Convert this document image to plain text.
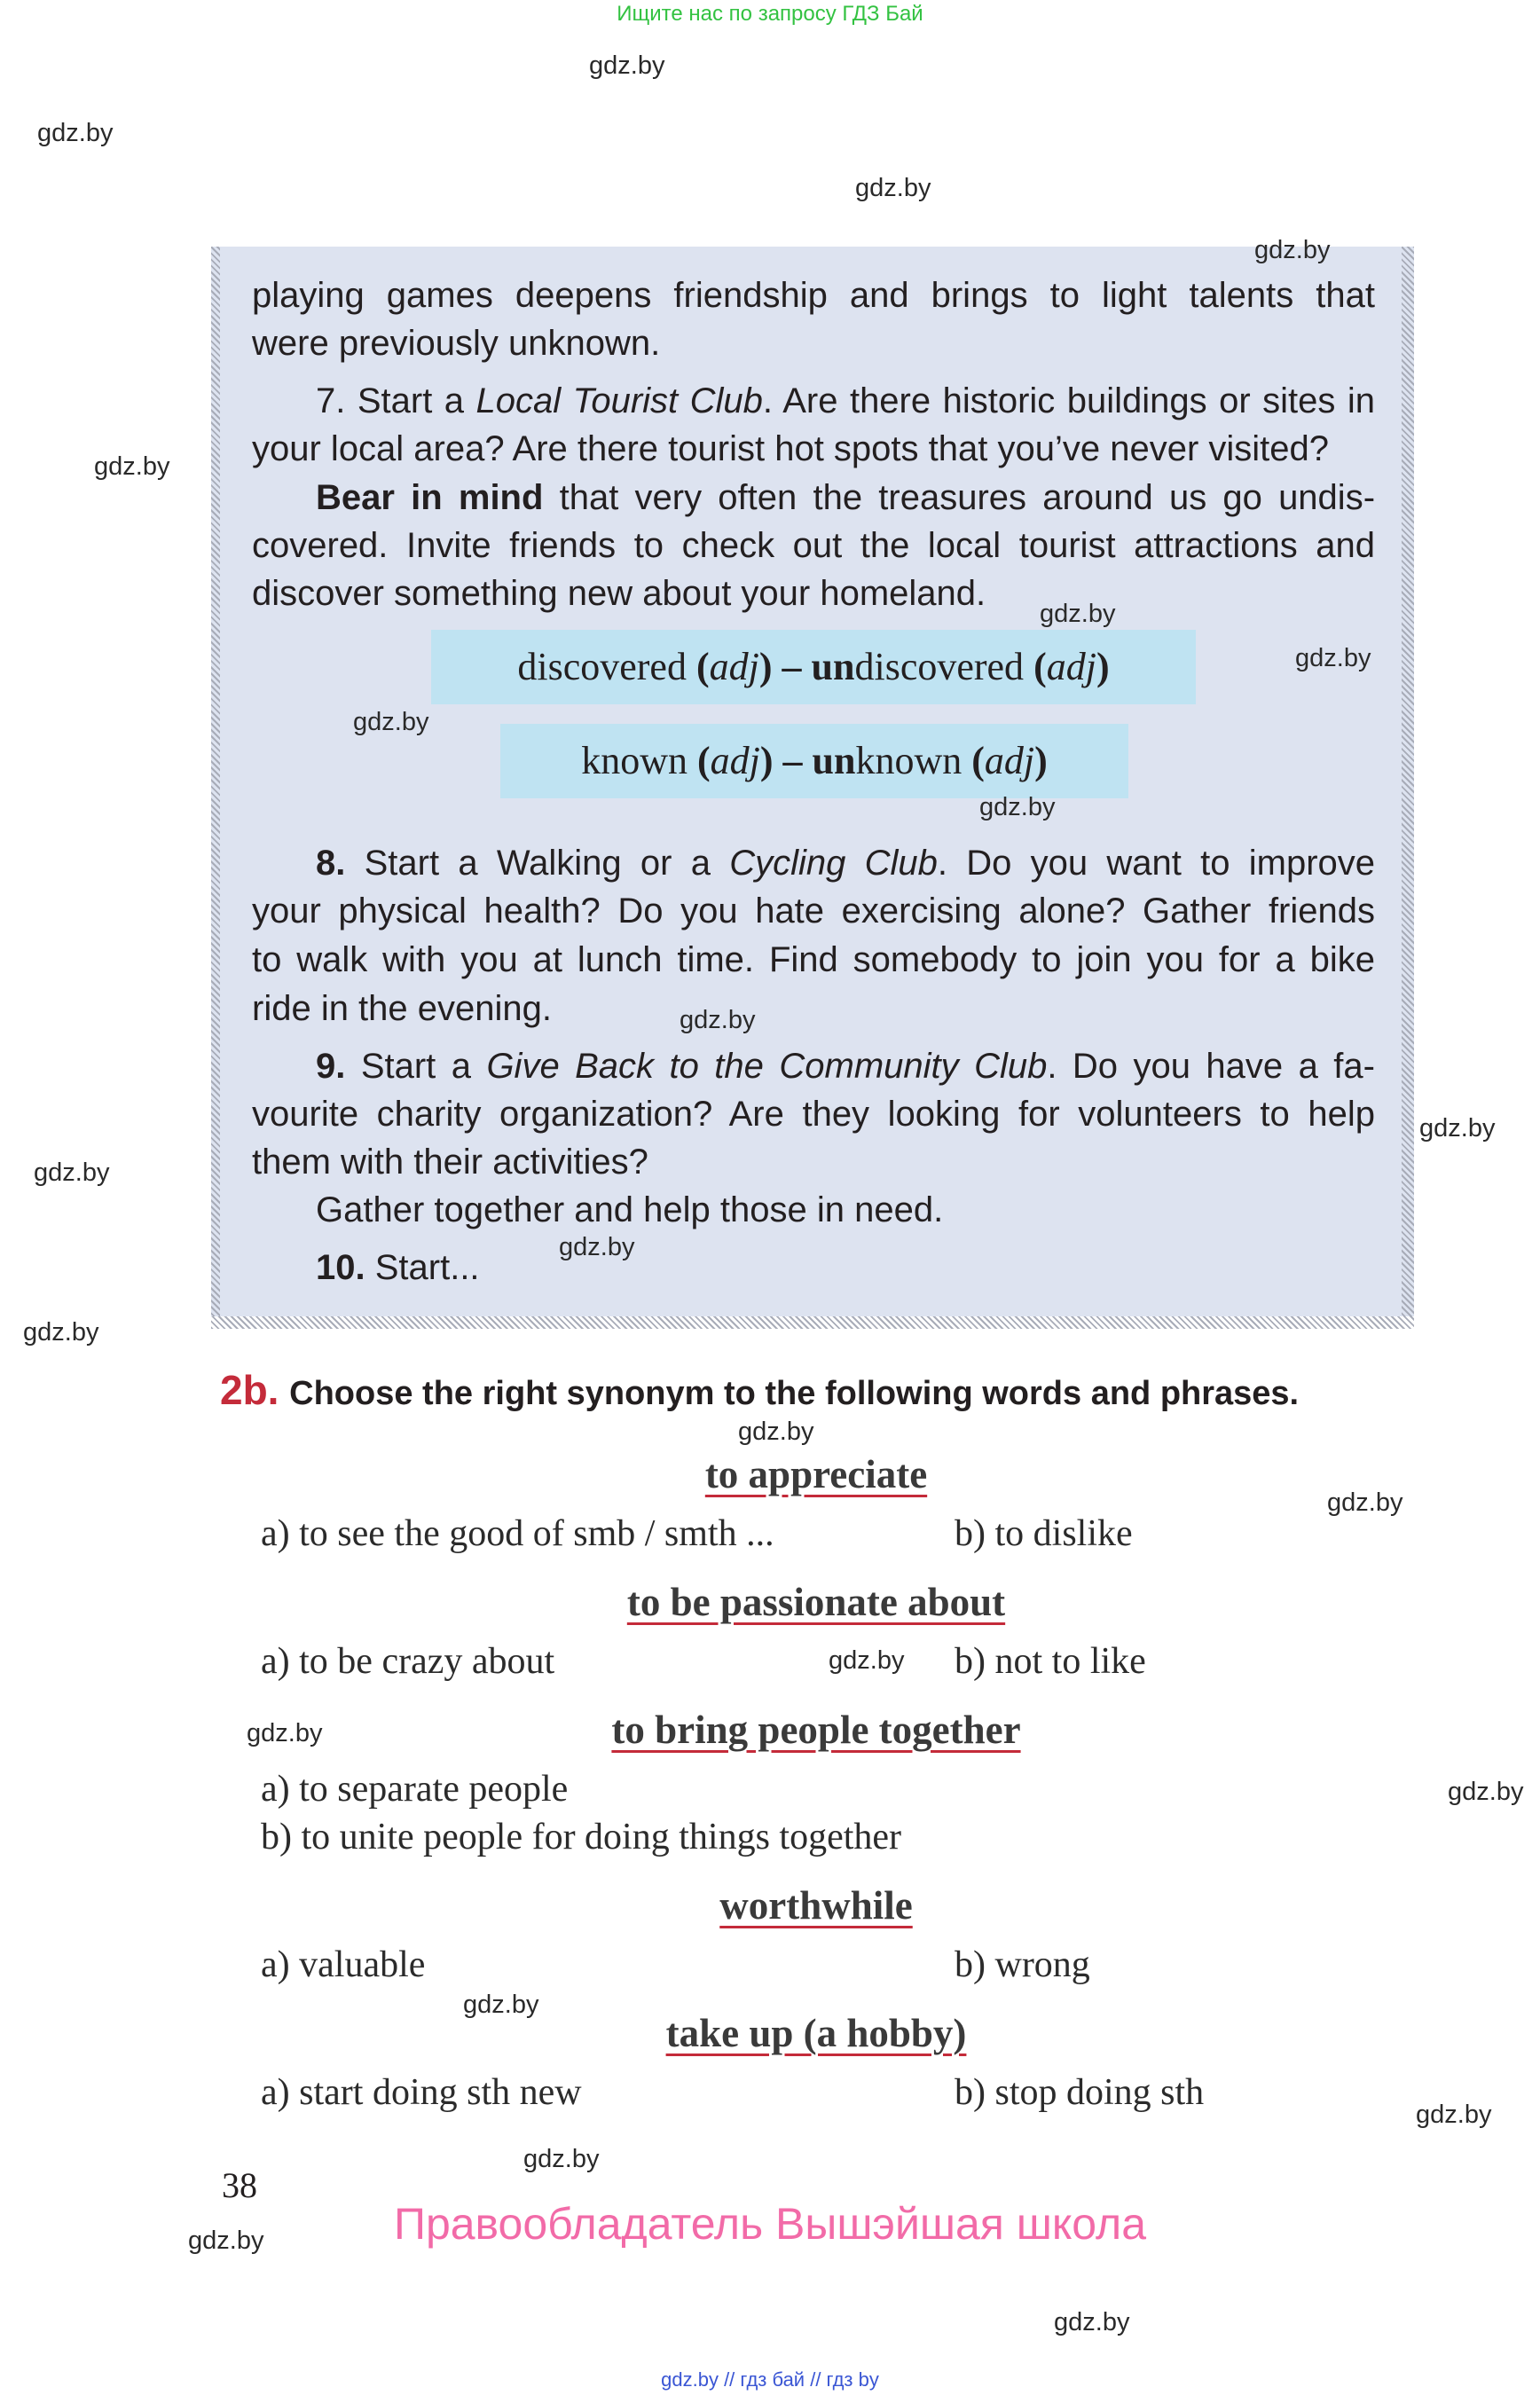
Ищите нас по запросу ГДЗ Бай
gdz.by
gdz.by
gdz.by
gdz.by
gdz.by
gdz.by
gdz.by
playing games deepens friendship and brings to light talents that
were previously unknown.
7. Start a Local Tourist Club. Are there historic buildings or sites in
your local area? Are there tourist hot spots that you’ve never visited?
Bear in mind that very often the treasures around us go undis-
covered. Invite friends to check out the local tourist attractions and
discover something new about your homeland.
gdz.by
discovered (adj) – undiscovered (adj)	gdz.by
gdz.by
known (adj) – unknown (adj)
gdz.by
8. Start a Walking or a Cycling Club. Do you want to improve
your physical health? Do you hate exercising alone? Gather friends
to walk with you at lunch time. Find somebody to join you for a bike
ride in the evening.	gdz.by
9. Start a Give Back to the Community Club. Do you have a fa-
vourite charity organization? Are they looking for volunteers to help
them with their activities?
Gather together and help those in need.
gdz.by
10. Start...
gdz.by
2b. Choose the right synonym to the following words and phrases.
gdz.by
to appreciate
gdz.by
a) to see the good of smb / smth ...	b) to dislike
to be passionate about
a) to be crazy about	gdz.by b) not to like
gdz.by	to bring people together
a) to separate people	gdz.by
b) to unite people for doing things together
worthwhile
a) valuable	b) wrong
gdz.by
take up (a hobby)
a) start doing sth new	b) stop doing sth
gdz.by
gdz.by
38
Правообладатель Вышэйшая школа
gdz.by
gdz.by
gdz.by // гдз бай // гдз by
